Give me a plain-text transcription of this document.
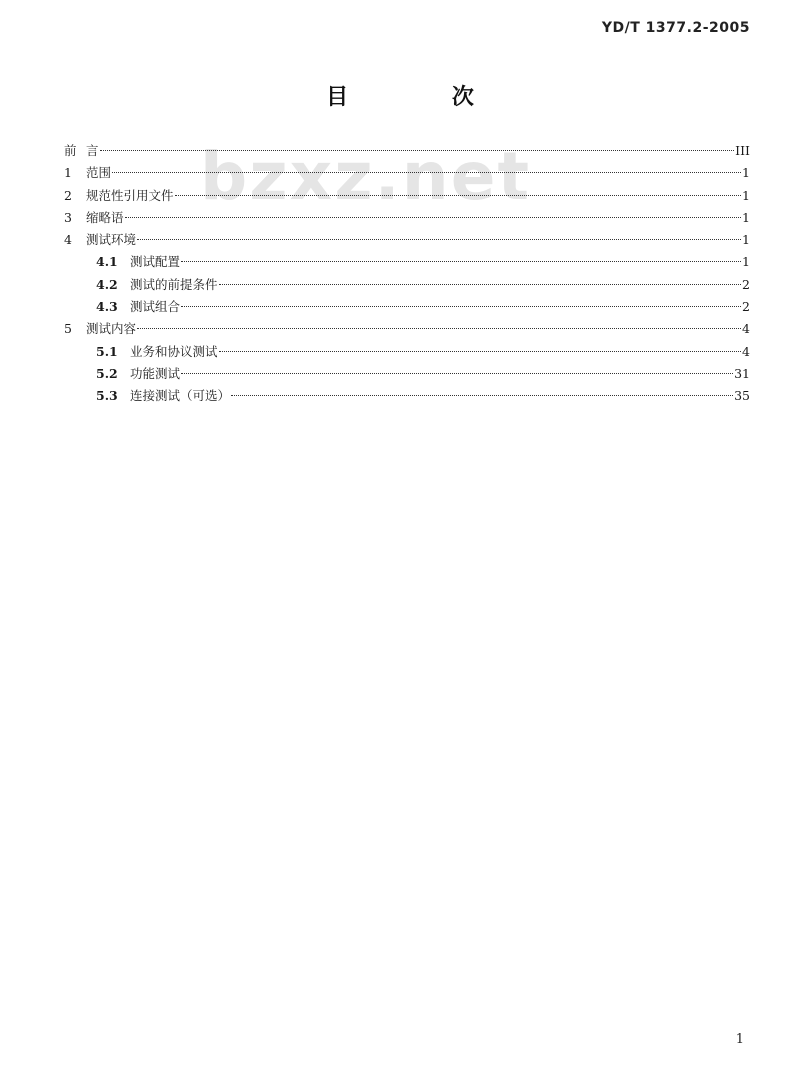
YD/T 1377.2-2005
目 次
bzxz.net
前 言	III
1	范围	1
2	规范性引用文件	1
3	缩略语	1
4	测试环境	1
4.1 测试配置	1
4.2 测试的前提条件	2
4.3 测试组合	2
5	测试内容	4
5.1 业务和协议测试	4
5.2 功能测试	31
5.3 连接测试（可选）	35
1
